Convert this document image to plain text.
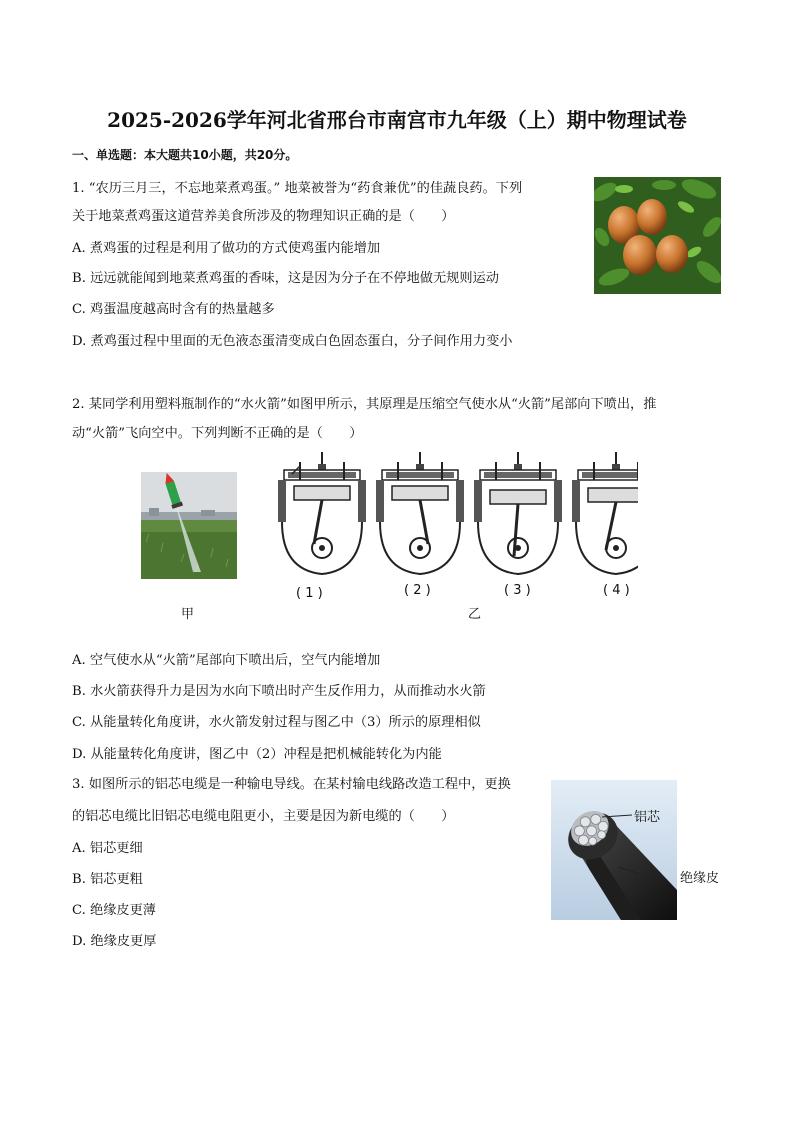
2025-2026学年河北省邢台市南宫市九年级（上）期中物理试卷
一、单选题：本大题共10小题，共20分。
1. “农历三月三，不忘地菜煮鸡蛋。” 地菜被誉为“药食兼优”的佳蔬良药。下列
关于地菜煮鸡蛋这道营养美食所涉及的物理知识正确的是（　　）
A. 煮鸡蛋的过程是利用了做功的方式使鸡蛋内能增加
B. 远远就能闻到地菜煮鸡蛋的香味，这是因为分子在不停地做无规则运动
C. 鸡蛋温度越高时含有的热量越多
D. 煮鸡蛋过程中里面的无色液态蛋清变成白色固态蛋白，分子间作用力变小
2. 某同学利用塑料瓶制作的“水火箭”如图甲所示，其原理是压缩空气使水从“火箭”尾部向下喷出，推
动“火箭”飞向空中。下列判断不正确的是（　　）
( 1 )	( 2 )	( 3 )	( 4 )
甲	乙
A. 空气使水从“火箭”尾部向下喷出后，空气内能增加
B. 水火箭获得升力是因为水向下喷出时产生反作用力，从而推动水火箭
C. 从能量转化角度讲，水火箭发射过程与图乙中（3）所示的原理相似
D. 从能量转化角度讲，图乙中（2）冲程是把机械能转化为内能
3. 如图所示的铝芯电缆是一种输电导线。在某村输电线路改造工程中，更换
的铝芯电缆比旧铝芯电缆电阻更小，主要是因为新电缆的（　　）
A. 铝芯更细
B. 铝芯更粗
C. 绝缘皮更薄
D. 绝缘皮更厚
铝芯
绝缘皮
